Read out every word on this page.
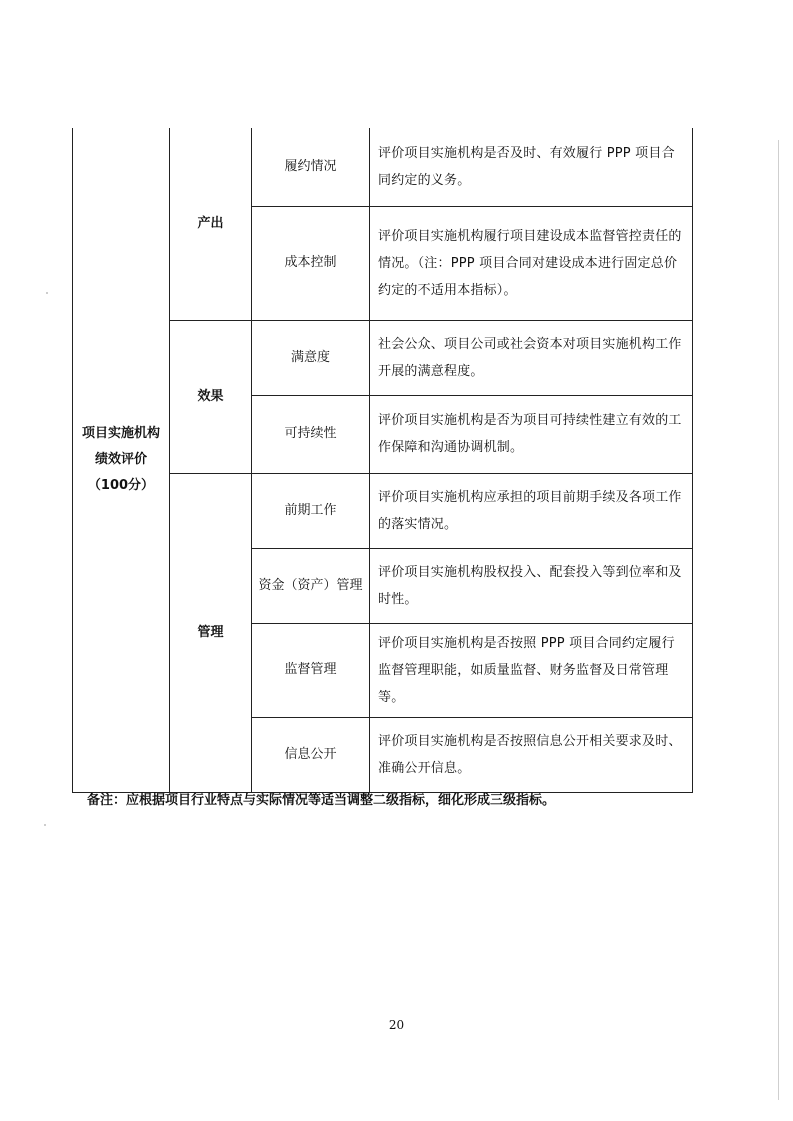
项目实施机构
绩效评价
（100分）	产出	履约情况	评价项目实施机构是否及时、有效履行 PPP 项目合同约定的义务。
		成本控制	评价项目实施机构履行项目建设成本监督管控责任的情况。（注：PPP 项目合同对建设成本进行固定总价约定的不适用本指标）。
	效果	满意度	社会公众、项目公司或社会资本对项目实施机构工作开展的满意程度。
		可持续性	评价项目实施机构是否为项目可持续性建立有效的工作保障和沟通协调机制。
	管理	前期工作	评价项目实施机构应承担的项目前期手续及各项工作的落实情况。
		资金（资产）管理	评价项目实施机构股权投入、配套投入等到位率和及时性。
		监督管理	评价项目实施机构是否按照 PPP 项目合同约定履行监督管理职能，如质量监督、财务监督及日常管理等。
		信息公开	评价项目实施机构是否按照信息公开相关要求及时、准确公开信息。
备注：应根据项目行业特点与实际情况等适当调整二级指标，细化形成三级指标。
20
